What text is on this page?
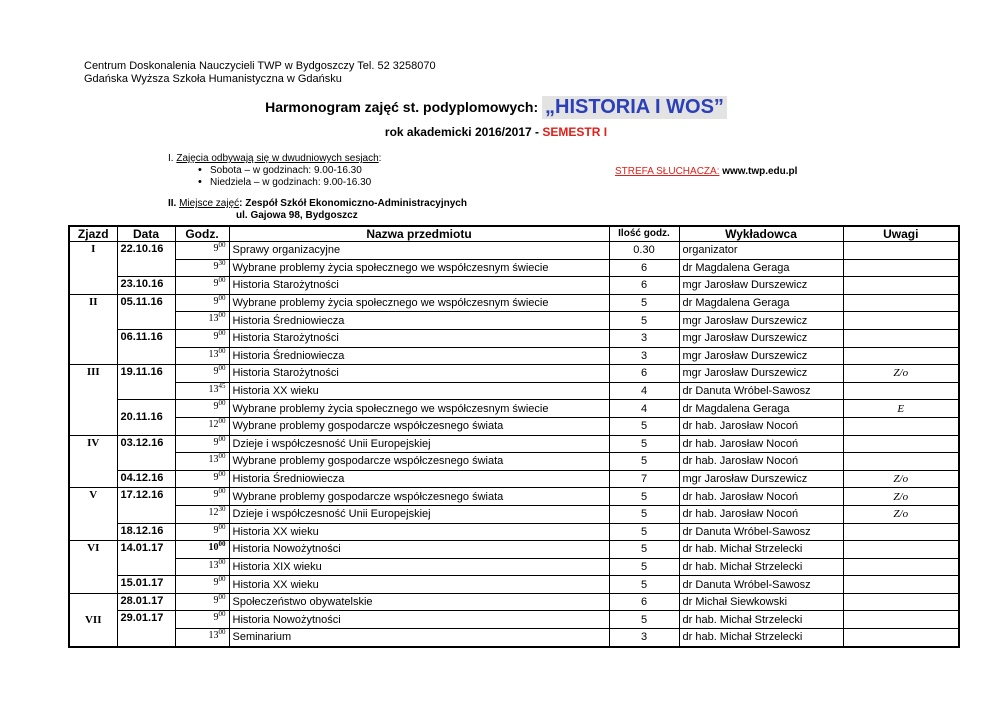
Centrum Doskonalenia Nauczycieli TWP w Bydgoszczy Tel. 52 3258070
Gdańska Wyższa Szkoła Humanistyczna w Gdańsku
Harmonogram zajęć st. podyplomowych: „HISTORIA I WOS”
rok akademicki 2016/2017 - SEMESTR I
I. Zajęcia odbywają się w dwudniowych sesjach:
• Sobota – w godzinach: 9.00-16.30
• Niedziela – w godzinach: 9.00-16.30
STREFA SŁUCHACZA: www.twp.edu.pl
II. Miejsce zajęć: Zespół Szkół Ekonomiczno-Administracyjnych
ul. Gajowa 98, Bydgoszcz
Zjazd	Data	Godz.	Nazwa przedmiotu	Ilość godz.	Wykładowca	Uwagi
I	22.10.16	$9^{00}$	Sprawy organizacyjne	0.30	organizator	
		$9^{30}$	Wybrane problemy życia społecznego we współczesnym świecie	6	dr Magdalena Geraga	
	23.10.16	$9^{00}$	Historia Starożytności	6	mgr Jarosław Durszewicz	
II	05.11.16	$9^{00}$	Wybrane problemy życia społecznego we współczesnym świecie	5	dr Magdalena Geraga	
		$13^{00}$	Historia Średniowiecza	5	mgr Jarosław Durszewicz	
	06.11.16	$9^{00}$	Historia Starożytności	3	mgr Jarosław Durszewicz	
		$13^{00}$	Historia Średniowiecza	3	mgr Jarosław Durszewicz	
III	19.11.16	$9^{00}$	Historia Starożytności	6	mgr Jarosław Durszewicz	Z/o
		$13^{45}$	Historia XX wieku	4	dr Danuta Wróbel-Sawosz	
	20.11.16	$9^{00}$	Wybrane problemy życia społecznego we współczesnym świecie	4	dr Magdalena Geraga	E
		$12^{00}$	Wybrane problemy gospodarcze współczesnego świata	5	dr hab. Jarosław Nocoń	
IV	03.12.16	$9^{00}$	Dzieje i współczesność Unii Europejskiej	5	dr hab. Jarosław Nocoń	
		$13^{00}$	Wybrane problemy gospodarcze współczesnego świata	5	dr hab. Jarosław Nocoń	
	04.12.16	$9^{00}$	Historia Średniowiecza	7	mgr Jarosław Durszewicz	Z/o
V	17.12.16	$9^{00}$	Wybrane problemy gospodarcze współczesnego świata	5	dr hab. Jarosław Nocoń	Z/o
		$12^{30}$	Dzieje i współczesność Unii Europejskiej	5	dr hab. Jarosław Nocoń	Z/o
	18.12.16	$9^{00}$	Historia XX wieku	5	dr Danuta Wróbel-Sawosz	
VI	14.01.17	$10^{00}$	Historia Nowożytności	5	dr hab. Michał Strzelecki	
		$13^{00}$	Historia XIX wieku	5	dr hab. Michał Strzelecki	
	15.01.17	$9^{00}$	Historia XX wieku	5	dr Danuta Wróbel-Sawosz	
VII	28.01.17	$9^{00}$	Społeczeństwo obywatelskie	6	dr Michał Siewkowski	
	29.01.17	$9^{00}$	Historia Nowożytności	5	dr hab. Michał Strzelecki	
		$13^{00}$	Seminarium	3	dr hab. Michał Strzelecki	
